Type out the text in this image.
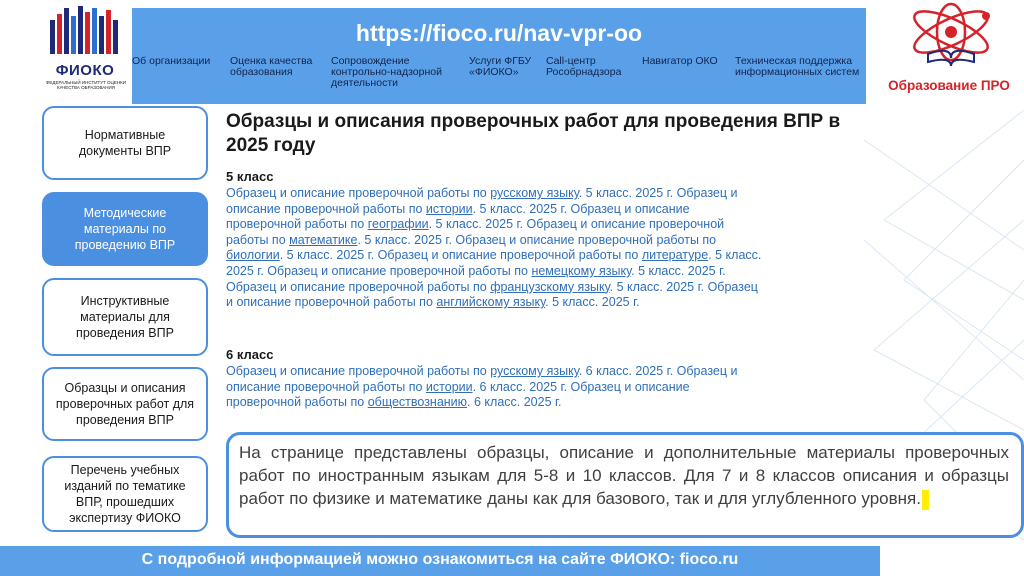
ФИОКО
ФЕДЕРАЛЬНЫЙ ИНСТИТУТ ОЦЕНКИ КАЧЕСТВА ОБРАЗОВАНИЯ
https://fioco.ru/nav-vpr-oo
Об организации	Оценка качества образования
Сопровождение контрольно-надзорной деятельности
Услуги ФГБУ «ФИОКО»
Call-центр Рособрнадзора
Навигатор ОКО	Техническая поддержка информационных систем
Образование ПРО
Нормативные документы ВПР
Методические материалы по проведению ВПР
Инструктивные материалы для проведения ВПР
Образцы и описания проверочных работ для проведения ВПР
Перечень учебных изданий по тематике ВПР, прошедших экспертизу ФИОКО
Образцы и описания проверочных работ для проведения ВПР в 2025 году
5 класс
Образец и описание проверочной работы по русскому языку. 5 класс. 2025 г. Образец и описание проверочной работы по истории. 5 класс. 2025 г. Образец и описание проверочной работы по географии. 5 класс. 2025 г. Образец и описание проверочной работы по математике. 5 класс. 2025 г. Образец и описание проверочной работы по биологии. 5 класс. 2025 г. Образец и описание проверочной работы по литературе. 5 класс. 2025 г. Образец и описание проверочной работы по немецкому языку. 5 класс. 2025 г. Образец и описание проверочной работы по французскому языку. 5 класс. 2025 г. Образец и описание проверочной работы по английскому языку. 5 класс. 2025 г.
6 класс
Образец и описание проверочной работы по русскому языку. 6 класс. 2025 г. Образец и описание проверочной работы по истории. 6 класс. 2025 г. Образец и описание проверочной работы по обществознанию. 6 класс. 2025 г.
На странице представлены образцы, описание и дополнительные материалы проверочных работ по иностранным языкам для 5-8 и 10 классов. Для 7 и 8 классов описания и образцы работ по физике и математике даны как для базового, так и для углубленного уровня.
С подробной информацией можно ознакомиться на сайте ФИОКО: fioco.ru
